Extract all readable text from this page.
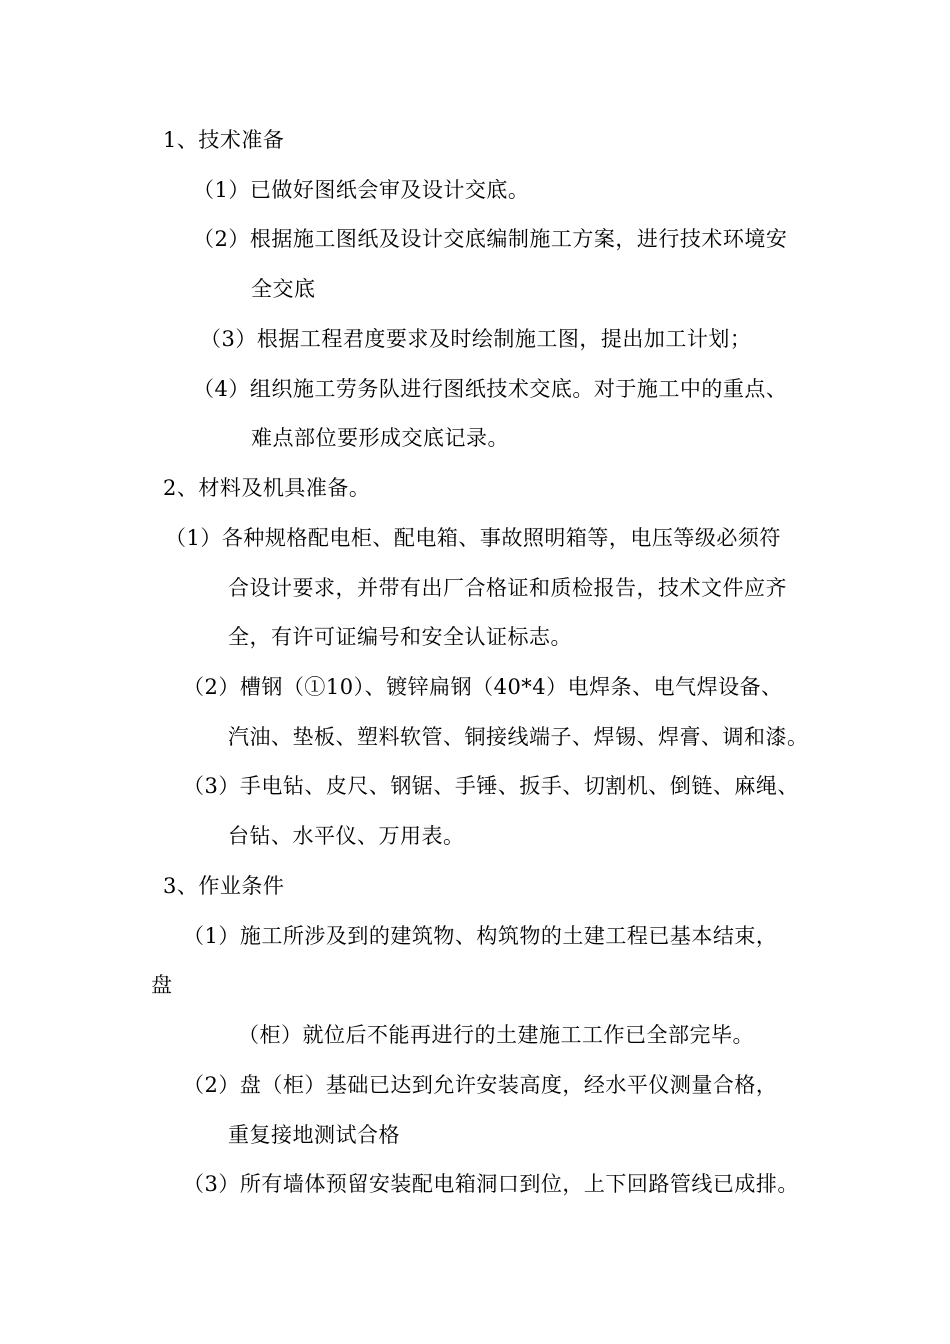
1、技术准备
（1）已做好图纸会审及设计交底。
（2）根据施工图纸及设计交底编制施工方案，进行技术环境安
全交底
（3）根据工程君度要求及时绘制施工图，提出加工计划；
（4）组织施工劳务队进行图纸技术交底。对于施工中的重点、
难点部位要形成交底记录。
2、材料及机具准备。
（1）各种规格配电柜、配电箱、事故照明箱等，电压等级必须符
合设计要求，并带有出厂合格证和质检报告，技术文件应齐
全，有许可证编号和安全认证标志。
（2）槽钢（①10）、镀锌扁钢（40*4）电焊条、电气焊设备、
汽油、垫板、塑料软管、铜接线端子、焊锡、焊膏、调和漆。
（3）手电钻、皮尺、钢锯、手锤、扳手、切割机、倒链、麻绳、
台钻、水平仪、万用表。
3、作业条件
（1）施工所涉及到的建筑物、构筑物的土建工程已基本结束，
盘
（柜）就位后不能再进行的土建施工工作已全部完毕。
（2）盘（柜）基础已达到允许安装高度，经水平仪测量合格，
重复接地测试合格
（3）所有墙体预留安装配电箱洞口到位，上下回路管线已成排。
